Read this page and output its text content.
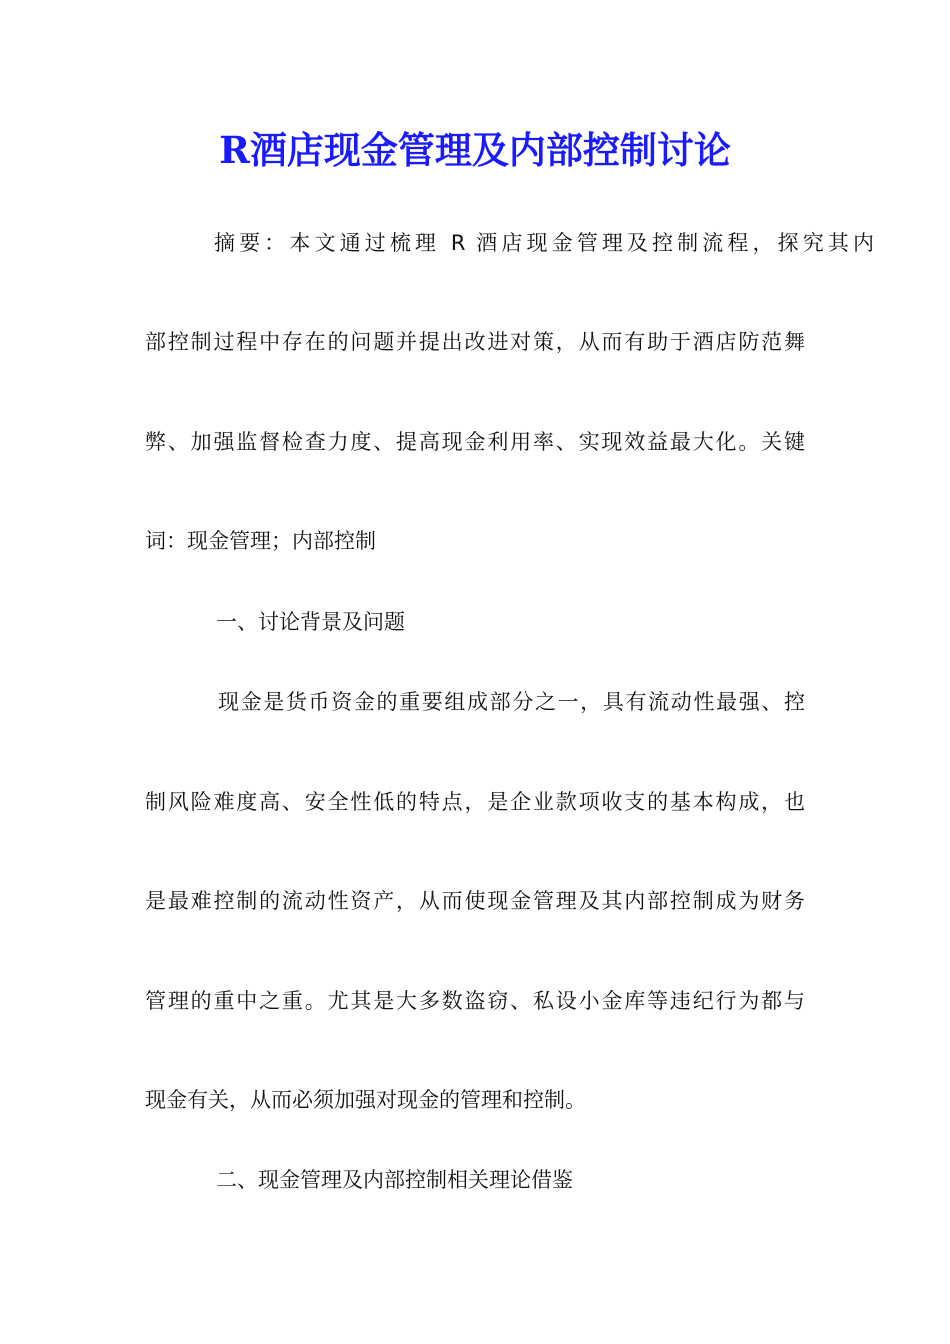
R酒店现金管理及内部控制讨论
摘要：本文通过梳理 R 酒店现金管理及控制流程，探究其内
部控制过程中存在的问题并提出改进对策，从而有助于酒店防范舞
弊、加强监督检查力度、提高现金利用率、实现效益最大化。关键
词：现金管理；内部控制
一、讨论背景及问题
现金是货币资金的重要组成部分之一，具有流动性最强、控
制风险难度高、安全性低的特点，是企业款项收支的基本构成，也
是最难控制的流动性资产，从而使现金管理及其内部控制成为财务
管理的重中之重。尤其是大多数盗窃、私设小金库等违纪行为都与
现金有关，从而必须加强对现金的管理和控制。
二、现金管理及内部控制相关理论借鉴
